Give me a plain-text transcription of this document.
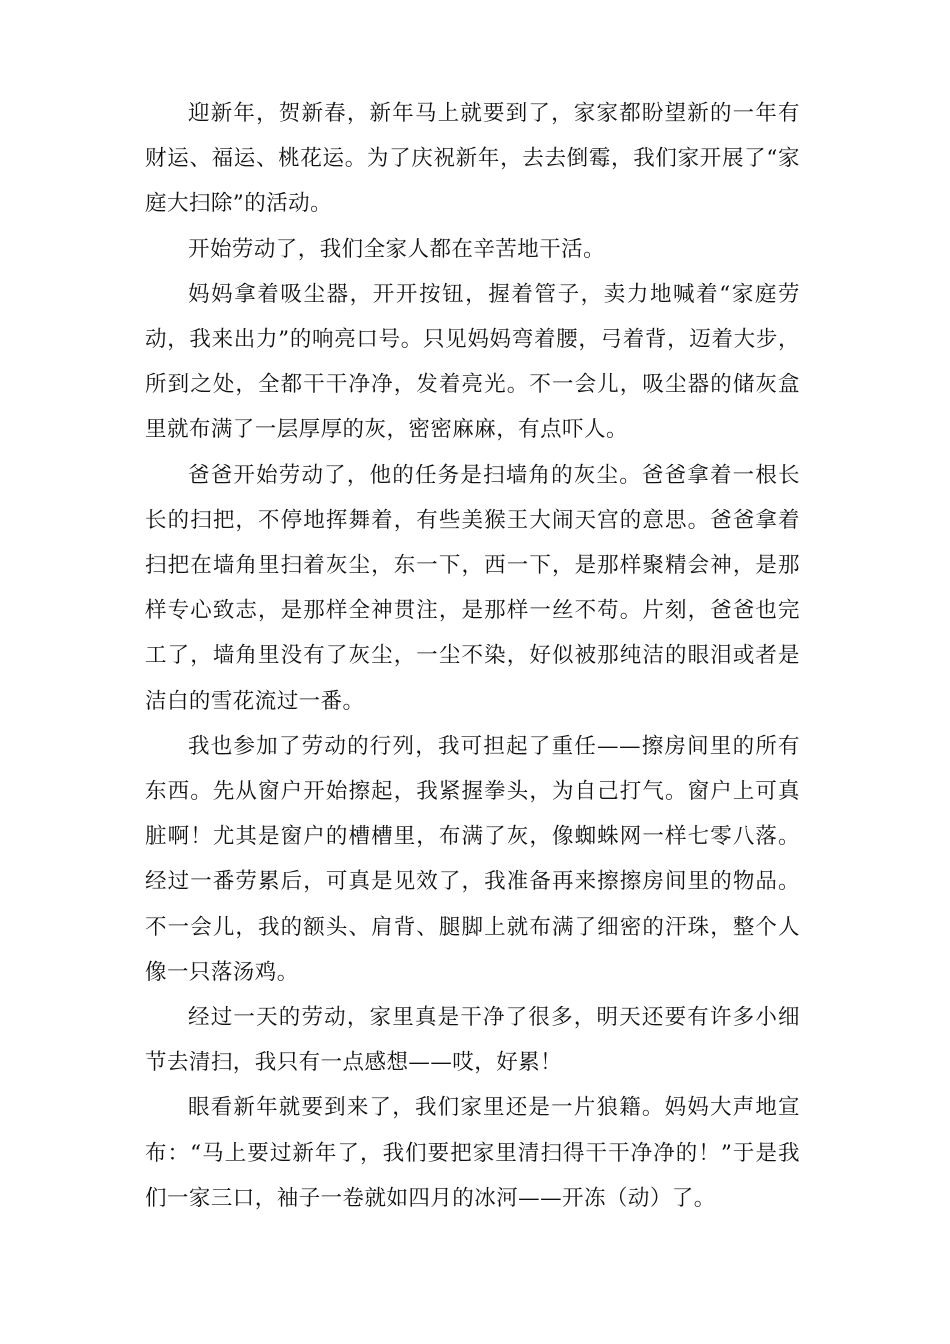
迎新年，贺新春，新年马上就要到了，家家都盼望新的一年有财运、福运、桃花运。为了庆祝新年，去去倒霉，我们家开展了“家庭大扫除”的活动。

开始劳动了，我们全家人都在辛苦地干活。

妈妈拿着吸尘器，开开按钮，握着管子，卖力地喊着“家庭劳动，我来出力”的响亮口号。只见妈妈弯着腰，弓着背，迈着大步，所到之处，全都干干净净，发着亮光。不一会儿，吸尘器的储灰盒里就布满了一层厚厚的灰，密密麻麻，有点吓人。

爸爸开始劳动了，他的任务是扫墙角的灰尘。爸爸拿着一根长长的扫把，不停地挥舞着，有些美猴王大闹天宫的意思。爸爸拿着扫把在墙角里扫着灰尘，东一下，西一下，是那样聚精会神，是那样专心致志，是那样全神贯注，是那样一丝不苟。片刻，爸爸也完工了，墙角里没有了灰尘，一尘不染，好似被那纯洁的眼泪或者是洁白的雪花流过一番。

我也参加了劳动的行列，我可担起了重任——擦房间里的所有东西。先从窗户开始擦起，我紧握拳头，为自己打气。窗户上可真脏啊！尤其是窗户的槽槽里，布满了灰，像蜘蛛网一样七零八落。经过一番劳累后，可真是见效了，我准备再来擦擦房间里的物品。不一会儿，我的额头、肩背、腿脚上就布满了细密的汗珠，整个人像一只落汤鸡。

经过一天的劳动，家里真是干净了很多，明天还要有许多小细节去清扫，我只有一点感想——哎，好累！

眼看新年就要到来了，我们家里还是一片狼籍。妈妈大声地宣布：“马上要过新年了，我们要把家里清扫得干干净净的！”于是我们一家三口，袖子一卷就如四月的冰河——开冻（动）了。
